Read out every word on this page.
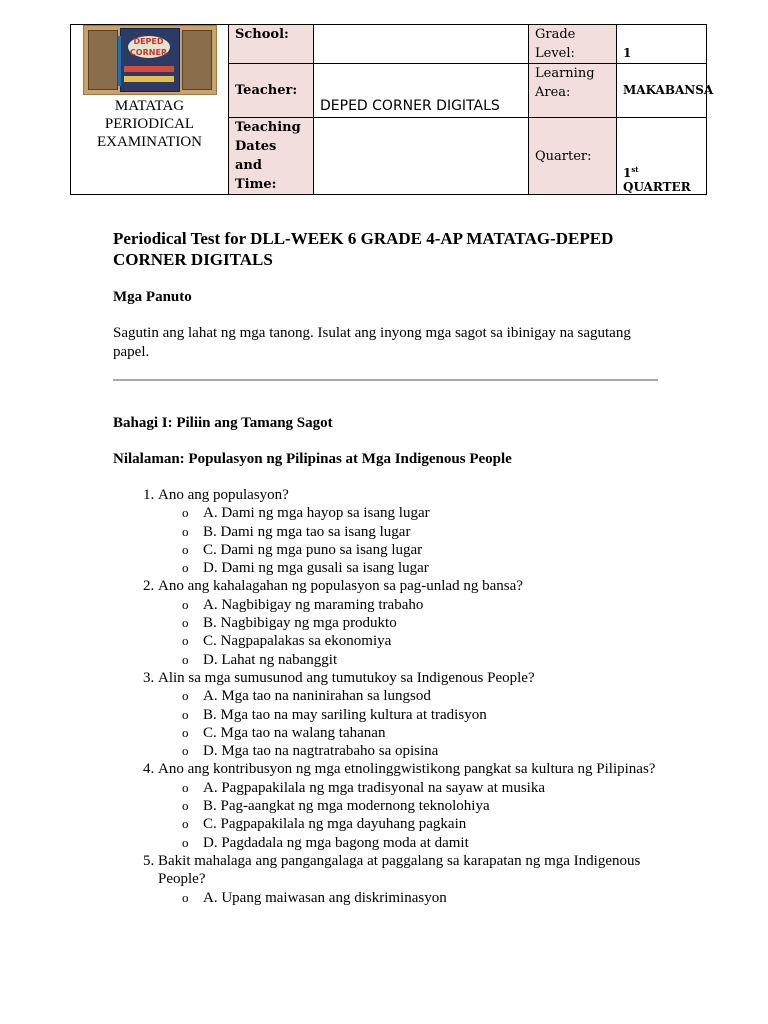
DEPED CORNER
MATATAG PERIODICAL EXAMINATION	School:		Grade Level:	1
	Teacher:	DEPED CORNER DIGITALS	Learning Area:	MAKABANSA
	Teaching Dates and Time:		Quarter:	1st
QUARTER
Periodical Test for DLL-WEEK 6 GRADE 4-AP MATATAG-DEPED CORNER DIGITALS

Mga Panuto

Sagutin ang lahat ng mga tanong. Isulat ang inyong mga sagot sa ibinigay na sagutang papel.

Bahagi I: Piliin ang Tamang Sagot

Nilalaman: Populasyon ng Pilipinas at Mga Indigenous People

1. Ano ang populasyon?
o A. Dami ng mga hayop sa isang lugar
o B. Dami ng mga tao sa isang lugar
o C. Dami ng mga puno sa isang lugar
o D. Dami ng mga gusali sa isang lugar
2. Ano ang kahalagahan ng populasyon sa pag-unlad ng bansa?
o A. Nagbibigay ng maraming trabaho
o B. Nagbibigay ng mga produkto
o C. Nagpapalakas sa ekonomiya
o D. Lahat ng nabanggit
3. Alin sa mga sumusunod ang tumutukoy sa Indigenous People?
o A. Mga tao na naninirahan sa lungsod
o B. Mga tao na may sariling kultura at tradisyon
o C. Mga tao na walang tahanan
o D. Mga tao na nagtratrabaho sa opisina
4. Ano ang kontribusyon ng mga etnolinggwistikong pangkat sa kultura ng Pilipinas?
o A. Pagpapakilala ng mga tradisyonal na sayaw at musika
o B. Pag-aangkat ng mga modernong teknolohiya
o C. Pagpapakilala ng mga dayuhang pagkain
o D. Pagdadala ng mga bagong moda at damit
5. Bakit mahalaga ang pangangalaga at paggalang sa karapatan ng mga Indigenous People?
o A. Upang maiwasan ang diskriminasyon
